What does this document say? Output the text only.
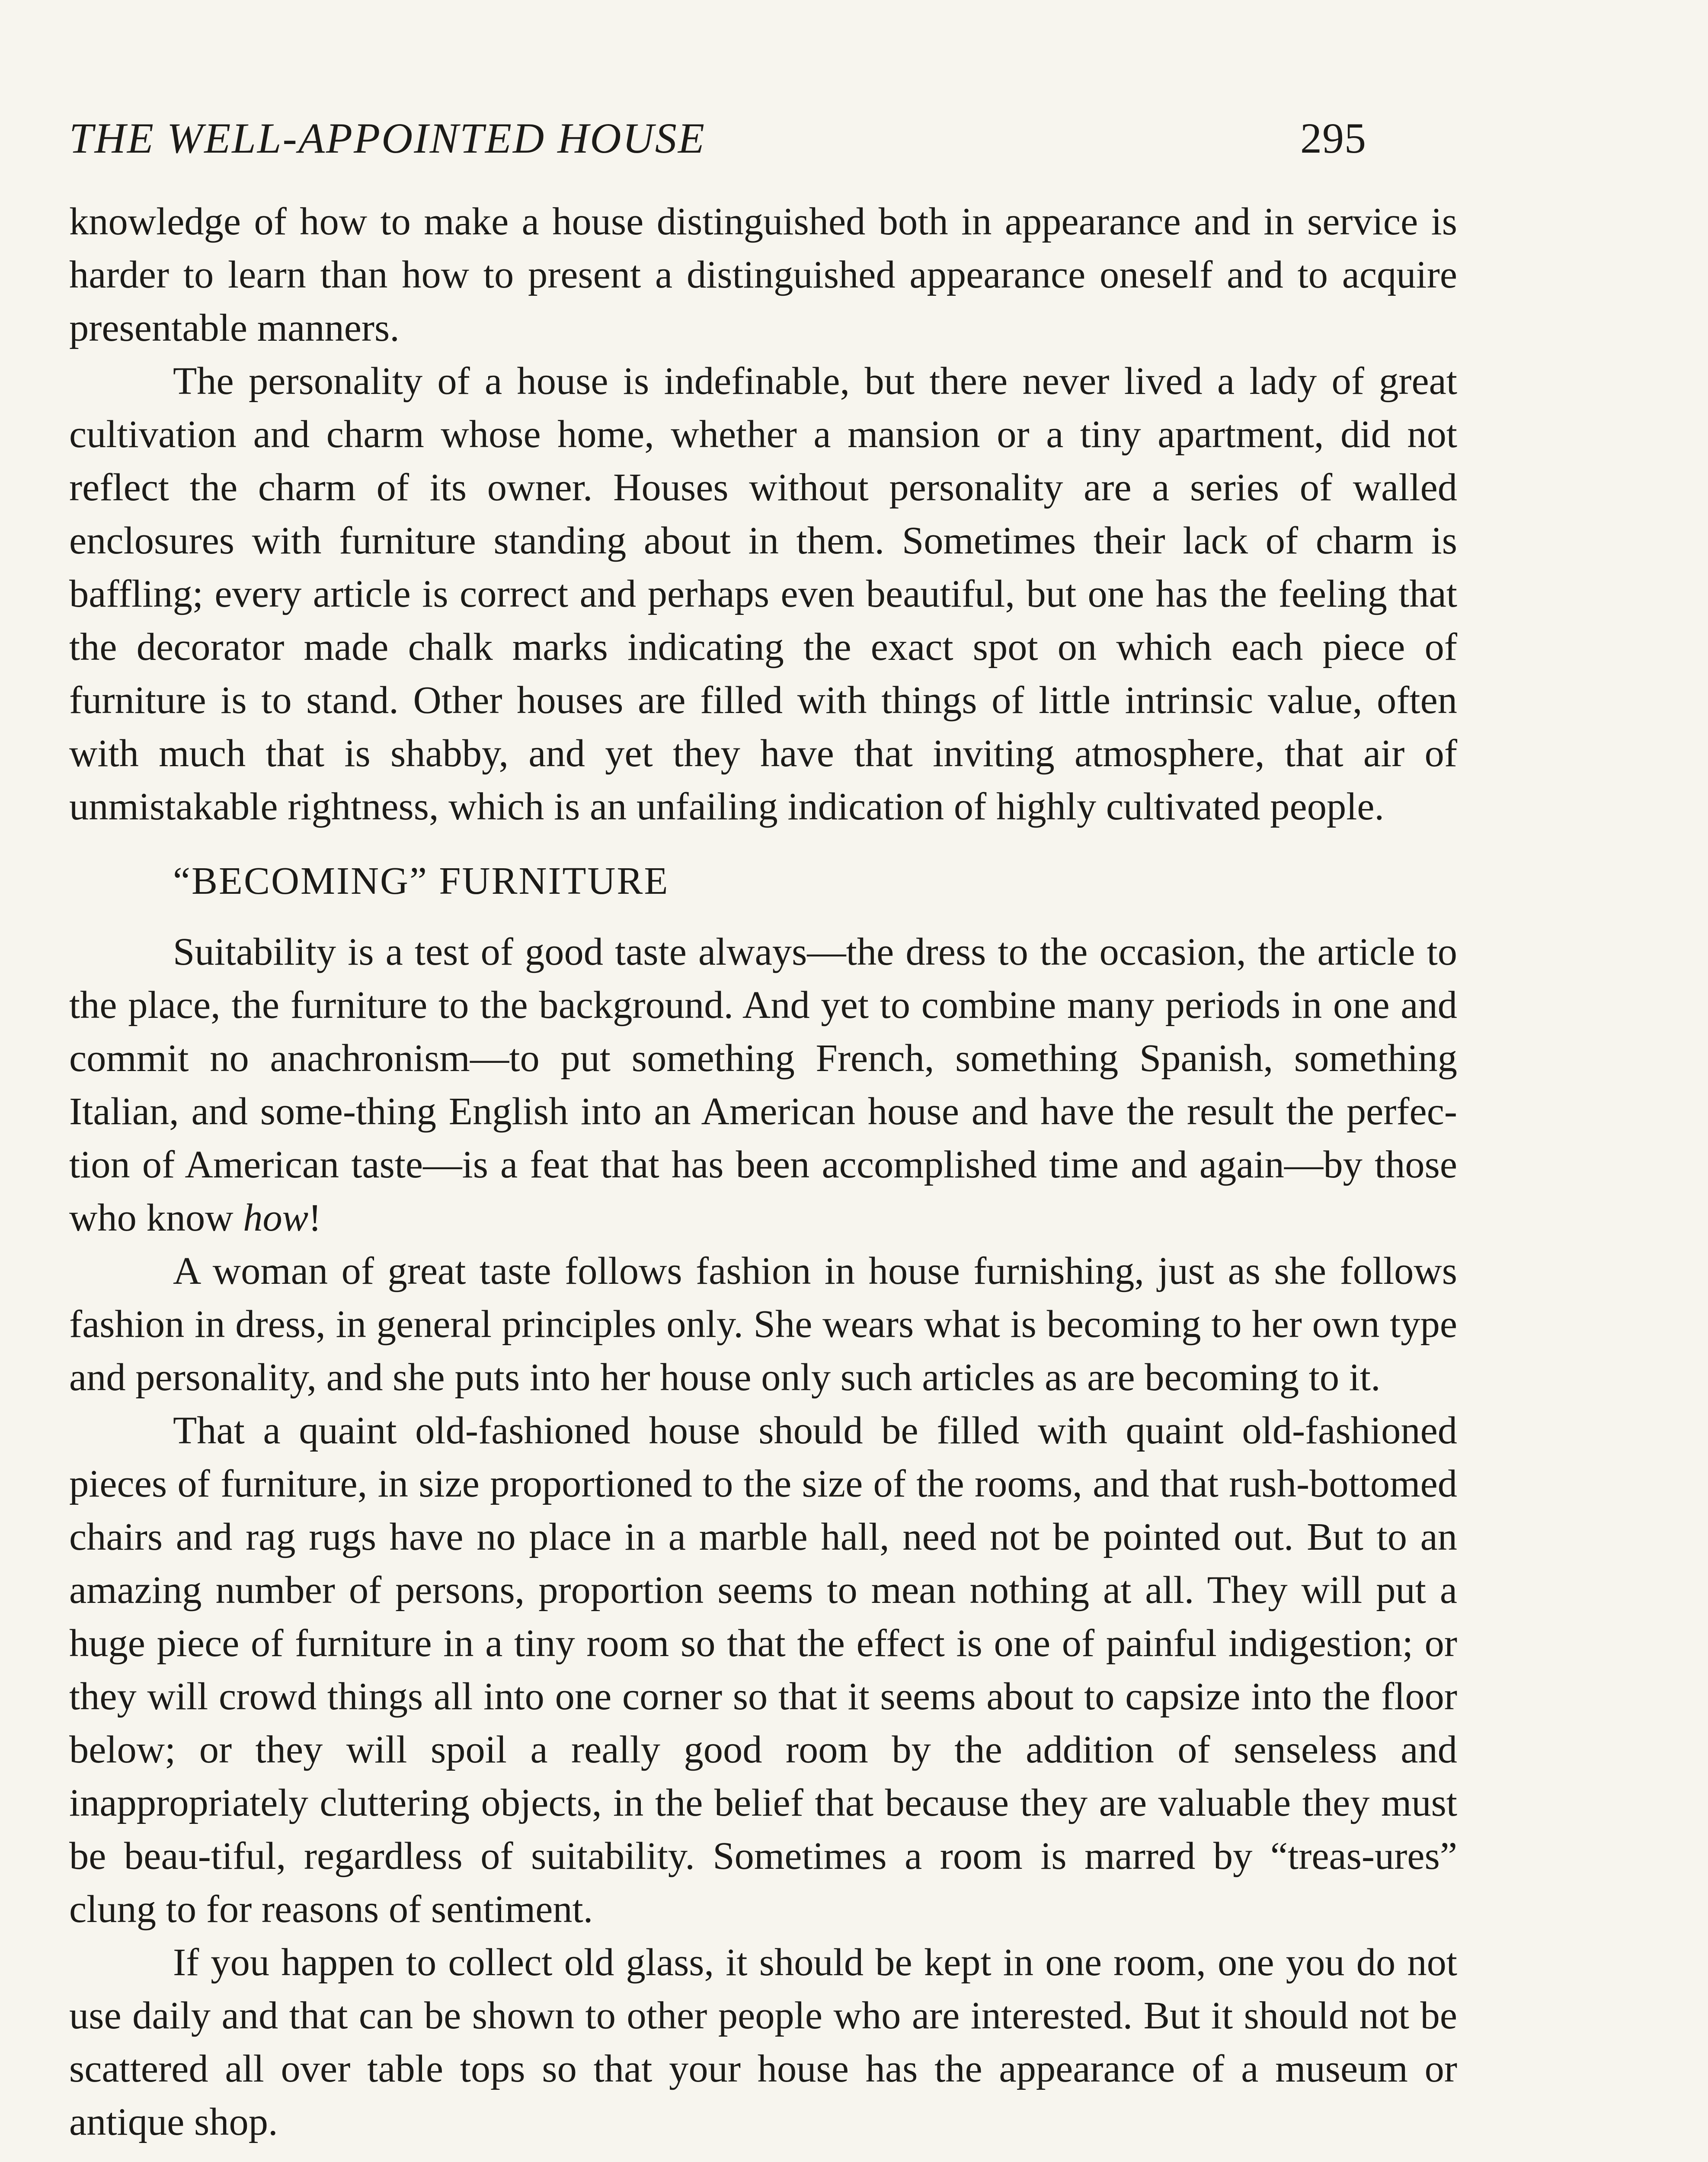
THE WELL-APPOINTED HOUSE	295

knowledge of how to make a house distinguished both in appearance and in service is harder to learn than how to present a distinguished appearance oneself and to acquire presentable manners.

The personality of a house is indefinable, but there never lived a lady of great cultivation and charm whose home, whether a mansion or a tiny apartment, did not reflect the charm of its owner. Houses without personality are a series of walled enclosures with furniture standing about in them. Sometimes their lack of charm is baffling; every article is correct and perhaps even beautiful, but one has the feeling that the decorator made chalk marks indicating the exact spot on which each piece of furniture is to stand. Other houses are filled with things of little intrinsic value, often with much that is shabby, and yet they have that inviting atmosphere, that air of unmistakable rightness, which is an unfailing indication of highly cultivated people.

“BECOMING” FURNITURE

Suitability is a test of good taste always—the dress to the occasion, the article to the place, the furniture to the background. And yet to combine many periods in one and commit no anachronism—to put something French, something Spanish, something Italian, and some-thing English into an American house and have the result the perfec-tion of American taste—is a feat that has been accomplished time and again—by those who know how!

A woman of great taste follows fashion in house furnishing, just as she follows fashion in dress, in general principles only. She wears what is becoming to her own type and personality, and she puts into her house only such articles as are becoming to it.

That a quaint old-fashioned house should be filled with quaint old-fashioned pieces of furniture, in size proportioned to the size of the rooms, and that rush-bottomed chairs and rag rugs have no place in a marble hall, need not be pointed out. But to an amazing number of persons, proportion seems to mean nothing at all. They will put a huge piece of furniture in a tiny room so that the effect is one of painful indigestion; or they will crowd things all into one corner so that it seems about to capsize into the floor below; or they will spoil a really good room by the addition of senseless and inappropriately cluttering objects, in the belief that because they are valuable they must be beau-tiful, regardless of suitability. Sometimes a room is marred by “treas-ures” clung to for reasons of sentiment.

If you happen to collect old glass, it should be kept in one room, one you do not use daily and that can be shown to other people who are interested. But it should not be scattered all over table tops so that your house has the appearance of a museum or antique shop.
